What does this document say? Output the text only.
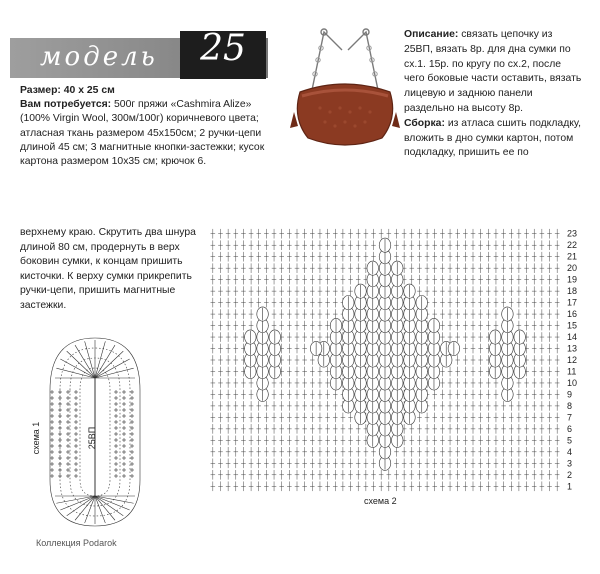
модель	25
Размер: 40 х 25 см
Вам потребуется: 500г пряжи «Cashmira Alize» (100% Virgin Wool, 300м/100г) коричневого цвета; атласная ткань размером 45х150см; 2 ручки-цепи длиной 45 см; 3 магнитные кнопки-застежки; кусок картона размером 10х35 см; крючок 6.
Описание: связать цепочку из 25ВП, вязать 8р. для дна сумки по сх.1. 15р. по кругу по сх.2, после чего боковые части оставить, вязать лицевую и заднюю панели раздельно на высоту 8р.
Сборка: из атласа сшить подкладку, вложить в дно сумки картон, потом подкладку, пришить ее по
верхнему краю. Скрутить два шнура длиной 80 см, продернуть в верх боковин сумки, к концам пришить кисточки. К верху сумки прикрепить ручки-цепи, пришить магнитные застежки.
схема 1	25ВП
1
2
3
4
5
6
7
8
9
10
11
12
13
14
15
16
17
18
19
20
21
22
23
схема 2
Коллекция Podarok
